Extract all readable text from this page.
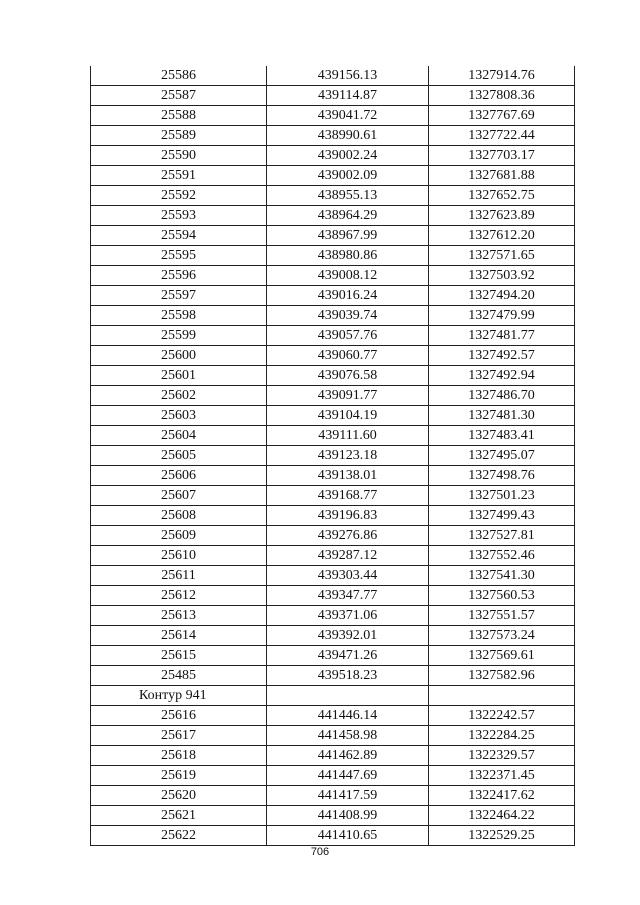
25586	439156.13	1327914.76
25587	439114.87	1327808.36
25588	439041.72	1327767.69
25589	438990.61	1327722.44
25590	439002.24	1327703.17
25591	439002.09	1327681.88
25592	438955.13	1327652.75
25593	438964.29	1327623.89
25594	438967.99	1327612.20
25595	438980.86	1327571.65
25596	439008.12	1327503.92
25597	439016.24	1327494.20
25598	439039.74	1327479.99
25599	439057.76	1327481.77
25600	439060.77	1327492.57
25601	439076.58	1327492.94
25602	439091.77	1327486.70
25603	439104.19	1327481.30
25604	439111.60	1327483.41
25605	439123.18	1327495.07
25606	439138.01	1327498.76
25607	439168.77	1327501.23
25608	439196.83	1327499.43
25609	439276.86	1327527.81
25610	439287.12	1327552.46
25611	439303.44	1327541.30
25612	439347.77	1327560.53
25613	439371.06	1327551.57
25614	439392.01	1327573.24
25615	439471.26	1327569.61
25485	439518.23	1327582.96
Контур 941		
25616	441446.14	1322242.57
25617	441458.98	1322284.25
25618	441462.89	1322329.57
25619	441447.69	1322371.45
25620	441417.59	1322417.62
25621	441408.99	1322464.22
25622	441410.65	1322529.25
706
